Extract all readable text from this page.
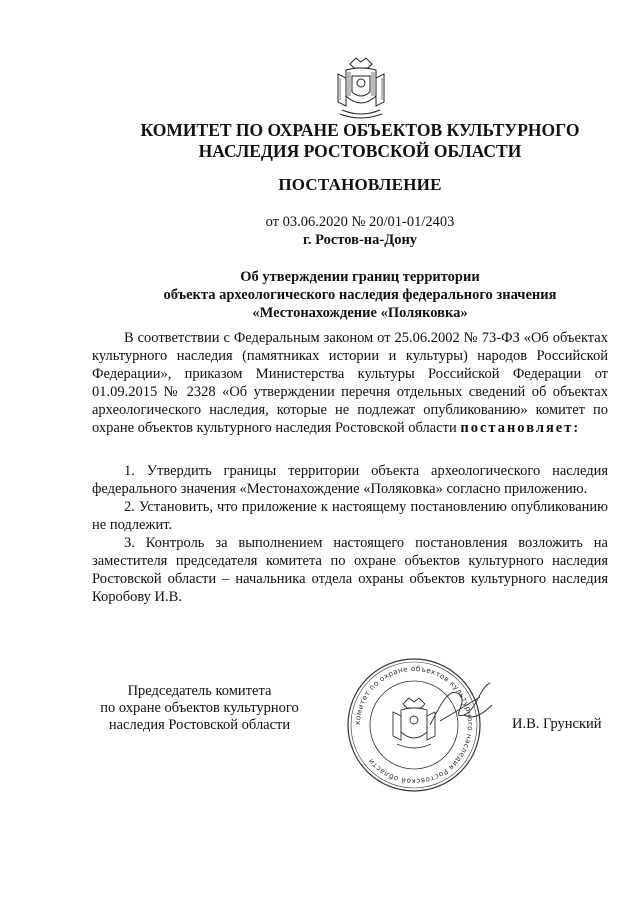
КОМИТЕТ ПО ОХРАНЕ ОБЪЕКТОВ КУЛЬТУРНОГО
НАСЛЕДИЯ РОСТОВСКОЙ ОБЛАСТИ
ПОСТАНОВЛЕНИЕ
от 03.06.2020 № 20/01-01/2403
г. Ростов-на-Дону
Об утверждении границ территории
объекта археологического наследия федерального значения
«Местонахождение «Поляковка»
В соответствии с Федеральным законом от 25.06.2002 № 73-ФЗ «Об объектах культурного наследия (памятниках истории и культуры) народов Российской Федерации», приказом Министерства культуры Российской Федерации от 01.09.2015 № 2328 «Об утверждении перечня отдельных сведений об объектах археологического наследия, которые не подлежат опубликованию» комитет по охране объектов культурного наследия Ростовской области постановляет:
1. Утвердить границы территории объекта археологического наследия федерального значения «Местонахождение «Поляковка» согласно приложению.
2. Установить, что приложение к настоящему постановлению опубликованию не подлежит.
3. Контроль за выполнением настоящего постановления возложить на заместителя председателя комитета по охране объектов культурного наследия Ростовской области – начальника отдела охраны объектов культурного наследия Коробову И.В.
комитет по охране объектов культурного наследия Ростовской области
Председатель комитета
по охране объектов культурного
наследия Ростовской области	И.В. Грунский
